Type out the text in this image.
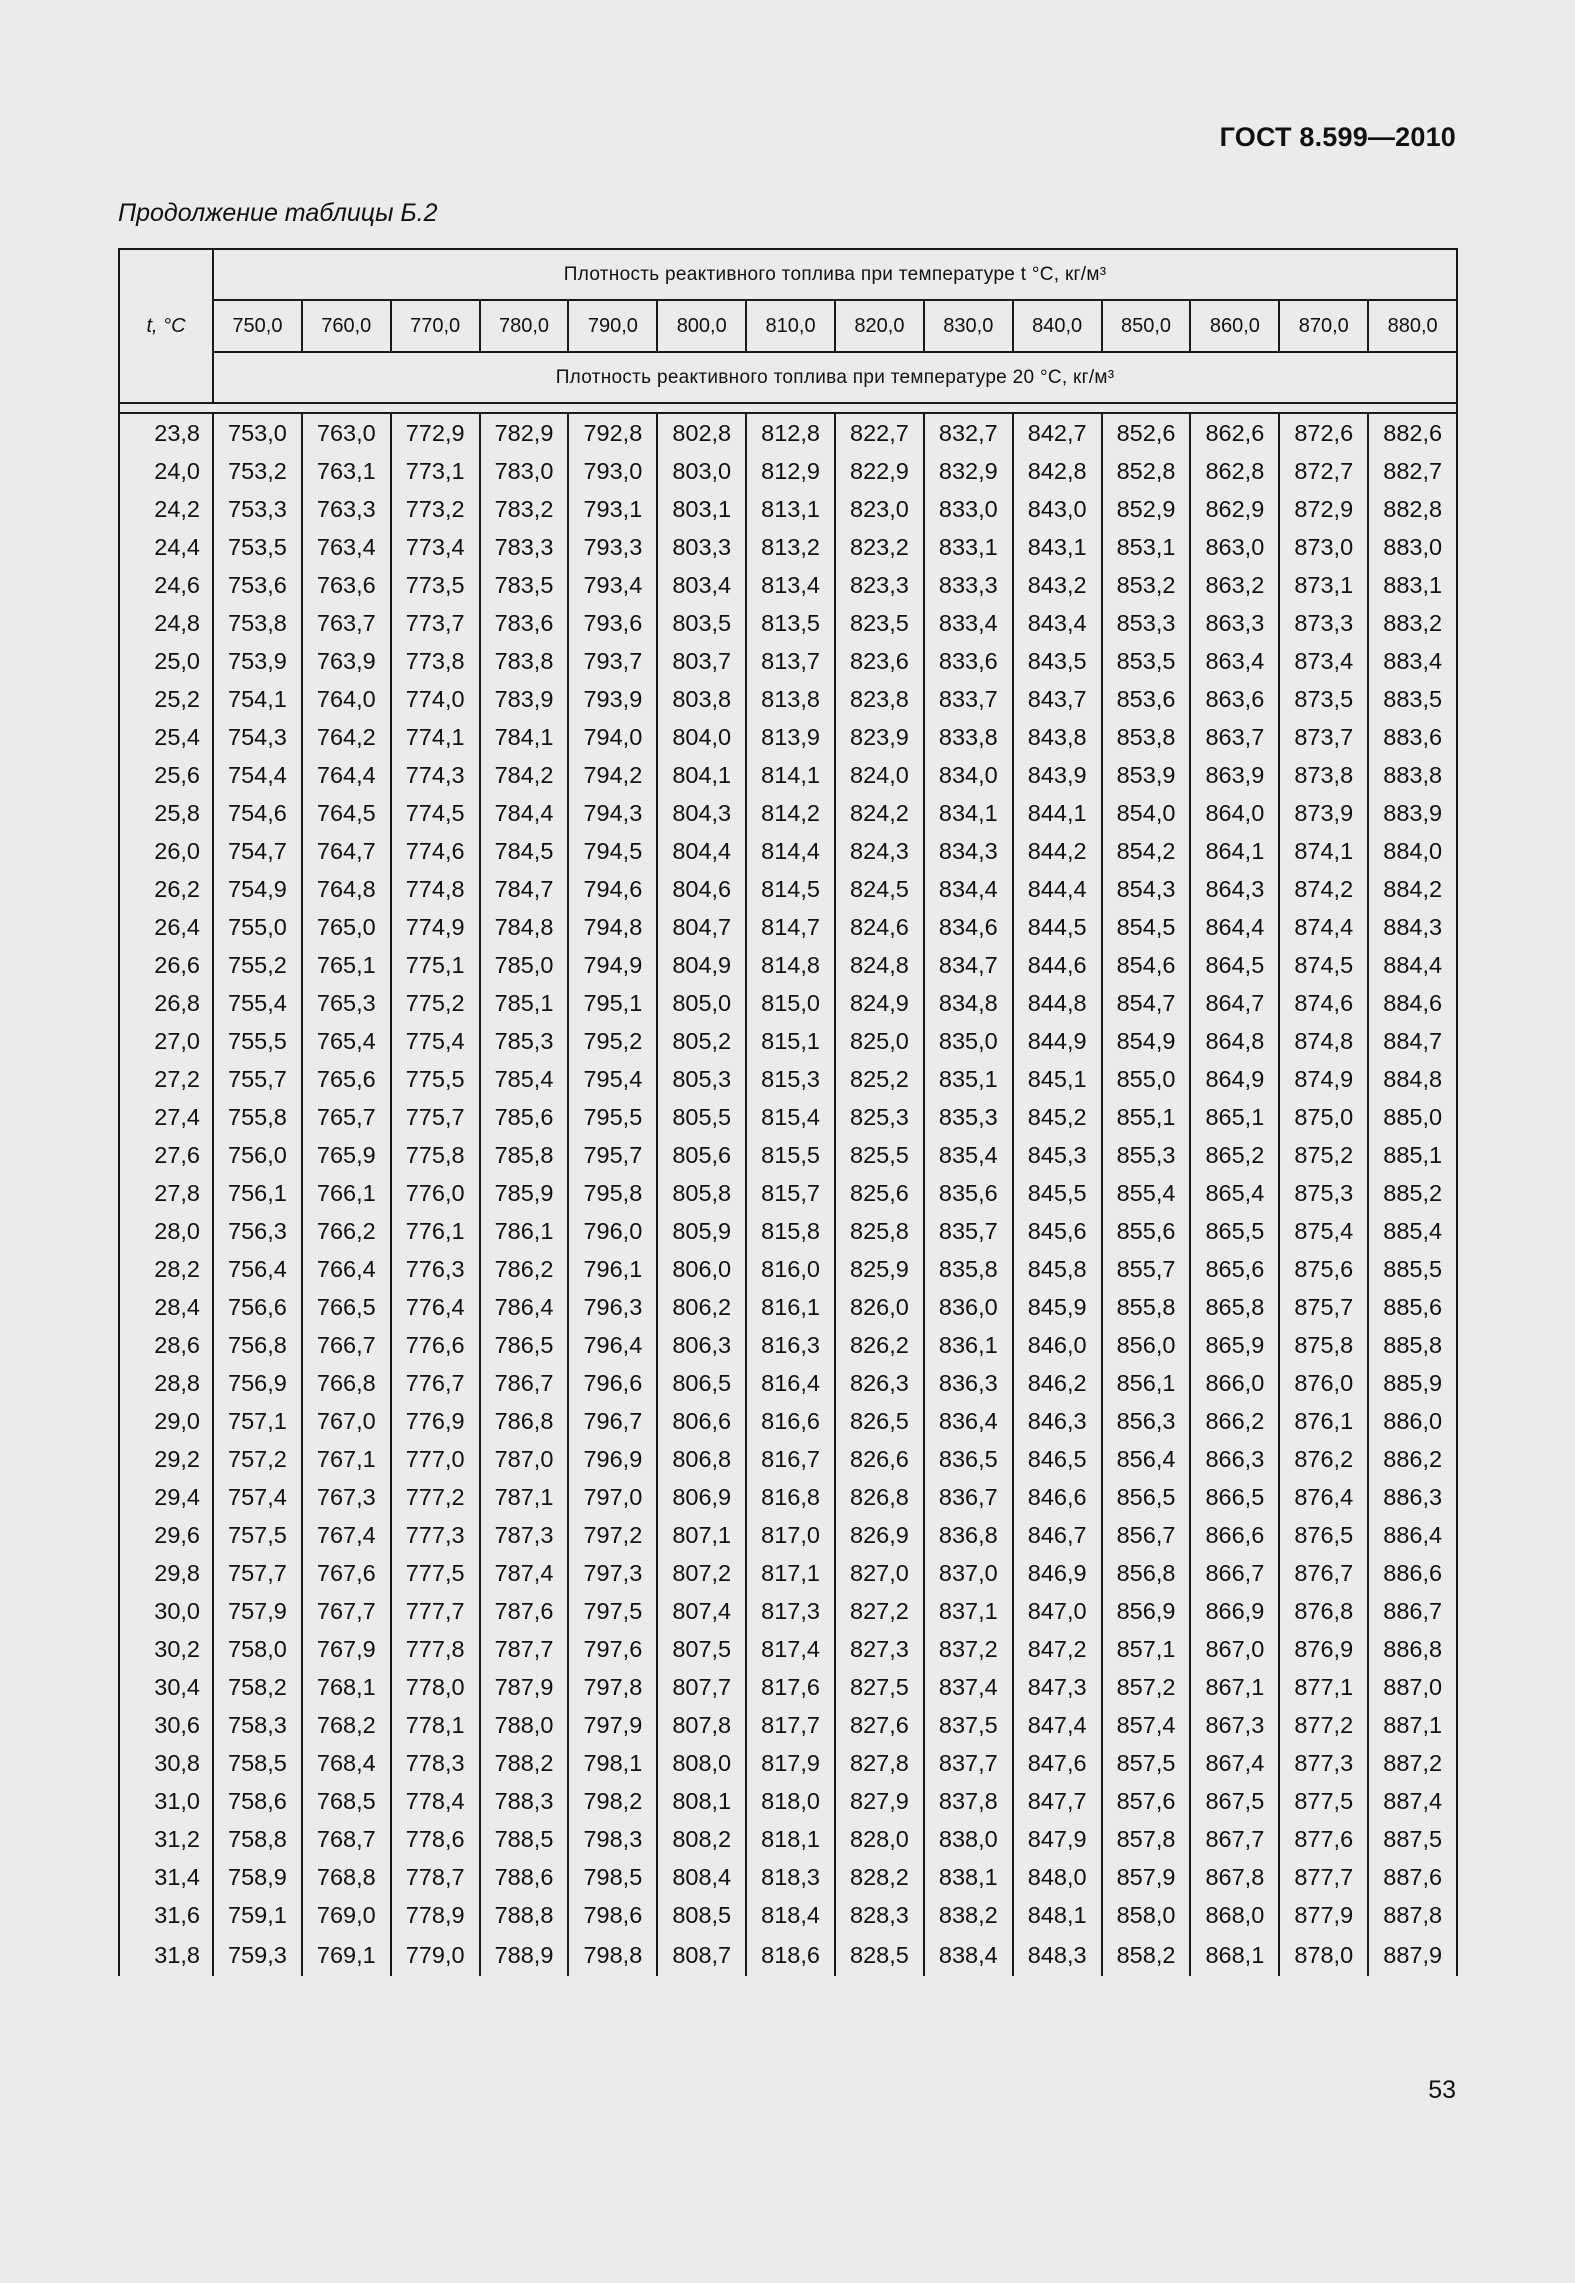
ГОСТ 8.599—2010
Продолжение таблицы Б.2
t, °С	Плотность реактивного топлива при температуре t °С, кг/м³													
	750,0	760,0	770,0	780,0	790,0	800,0	810,0	820,0	830,0	840,0	850,0	860,0	870,0	880,0
	Плотность реактивного топлива при температуре 20 °С, кг/м³													

23,8	753,0	763,0	772,9	782,9	792,8	802,8	812,8	822,7	832,7	842,7	852,6	862,6	872,6	882,6
24,0	753,2	763,1	773,1	783,0	793,0	803,0	812,9	822,9	832,9	842,8	852,8	862,8	872,7	882,7
24,2	753,3	763,3	773,2	783,2	793,1	803,1	813,1	823,0	833,0	843,0	852,9	862,9	872,9	882,8
24,4	753,5	763,4	773,4	783,3	793,3	803,3	813,2	823,2	833,1	843,1	853,1	863,0	873,0	883,0
24,6	753,6	763,6	773,5	783,5	793,4	803,4	813,4	823,3	833,3	843,2	853,2	863,2	873,1	883,1
24,8	753,8	763,7	773,7	783,6	793,6	803,5	813,5	823,5	833,4	843,4	853,3	863,3	873,3	883,2
25,0	753,9	763,9	773,8	783,8	793,7	803,7	813,7	823,6	833,6	843,5	853,5	863,4	873,4	883,4
25,2	754,1	764,0	774,0	783,9	793,9	803,8	813,8	823,8	833,7	843,7	853,6	863,6	873,5	883,5
25,4	754,3	764,2	774,1	784,1	794,0	804,0	813,9	823,9	833,8	843,8	853,8	863,7	873,7	883,6
25,6	754,4	764,4	774,3	784,2	794,2	804,1	814,1	824,0	834,0	843,9	853,9	863,9	873,8	883,8
25,8	754,6	764,5	774,5	784,4	794,3	804,3	814,2	824,2	834,1	844,1	854,0	864,0	873,9	883,9
26,0	754,7	764,7	774,6	784,5	794,5	804,4	814,4	824,3	834,3	844,2	854,2	864,1	874,1	884,0
26,2	754,9	764,8	774,8	784,7	794,6	804,6	814,5	824,5	834,4	844,4	854,3	864,3	874,2	884,2
26,4	755,0	765,0	774,9	784,8	794,8	804,7	814,7	824,6	834,6	844,5	854,5	864,4	874,4	884,3
26,6	755,2	765,1	775,1	785,0	794,9	804,9	814,8	824,8	834,7	844,6	854,6	864,5	874,5	884,4
26,8	755,4	765,3	775,2	785,1	795,1	805,0	815,0	824,9	834,8	844,8	854,7	864,7	874,6	884,6
27,0	755,5	765,4	775,4	785,3	795,2	805,2	815,1	825,0	835,0	844,9	854,9	864,8	874,8	884,7
27,2	755,7	765,6	775,5	785,4	795,4	805,3	815,3	825,2	835,1	845,1	855,0	864,9	874,9	884,8
27,4	755,8	765,7	775,7	785,6	795,5	805,5	815,4	825,3	835,3	845,2	855,1	865,1	875,0	885,0
27,6	756,0	765,9	775,8	785,8	795,7	805,6	815,5	825,5	835,4	845,3	855,3	865,2	875,2	885,1
27,8	756,1	766,1	776,0	785,9	795,8	805,8	815,7	825,6	835,6	845,5	855,4	865,4	875,3	885,2
28,0	756,3	766,2	776,1	786,1	796,0	805,9	815,8	825,8	835,7	845,6	855,6	865,5	875,4	885,4
28,2	756,4	766,4	776,3	786,2	796,1	806,0	816,0	825,9	835,8	845,8	855,7	865,6	875,6	885,5
28,4	756,6	766,5	776,4	786,4	796,3	806,2	816,1	826,0	836,0	845,9	855,8	865,8	875,7	885,6
28,6	756,8	766,7	776,6	786,5	796,4	806,3	816,3	826,2	836,1	846,0	856,0	865,9	875,8	885,8
28,8	756,9	766,8	776,7	786,7	796,6	806,5	816,4	826,3	836,3	846,2	856,1	866,0	876,0	885,9
29,0	757,1	767,0	776,9	786,8	796,7	806,6	816,6	826,5	836,4	846,3	856,3	866,2	876,1	886,0
29,2	757,2	767,1	777,0	787,0	796,9	806,8	816,7	826,6	836,5	846,5	856,4	866,3	876,2	886,2
29,4	757,4	767,3	777,2	787,1	797,0	806,9	816,8	826,8	836,7	846,6	856,5	866,5	876,4	886,3
29,6	757,5	767,4	777,3	787,3	797,2	807,1	817,0	826,9	836,8	846,7	856,7	866,6	876,5	886,4
29,8	757,7	767,6	777,5	787,4	797,3	807,2	817,1	827,0	837,0	846,9	856,8	866,7	876,7	886,6
30,0	757,9	767,7	777,7	787,6	797,5	807,4	817,3	827,2	837,1	847,0	856,9	866,9	876,8	886,7
30,2	758,0	767,9	777,8	787,7	797,6	807,5	817,4	827,3	837,2	847,2	857,1	867,0	876,9	886,8
30,4	758,2	768,1	778,0	787,9	797,8	807,7	817,6	827,5	837,4	847,3	857,2	867,1	877,1	887,0
30,6	758,3	768,2	778,1	788,0	797,9	807,8	817,7	827,6	837,5	847,4	857,4	867,3	877,2	887,1
30,8	758,5	768,4	778,3	788,2	798,1	808,0	817,9	827,8	837,7	847,6	857,5	867,4	877,3	887,2
31,0	758,6	768,5	778,4	788,3	798,2	808,1	818,0	827,9	837,8	847,7	857,6	867,5	877,5	887,4
31,2	758,8	768,7	778,6	788,5	798,3	808,2	818,1	828,0	838,0	847,9	857,8	867,7	877,6	887,5
31,4	758,9	768,8	778,7	788,6	798,5	808,4	818,3	828,2	838,1	848,0	857,9	867,8	877,7	887,6
31,6	759,1	769,0	778,9	788,8	798,6	808,5	818,4	828,3	838,2	848,1	858,0	868,0	877,9	887,8
31,8	759,3	769,1	779,0	788,9	798,8	808,7	818,6	828,5	838,4	848,3	858,2	868,1	878,0	887,9
53
